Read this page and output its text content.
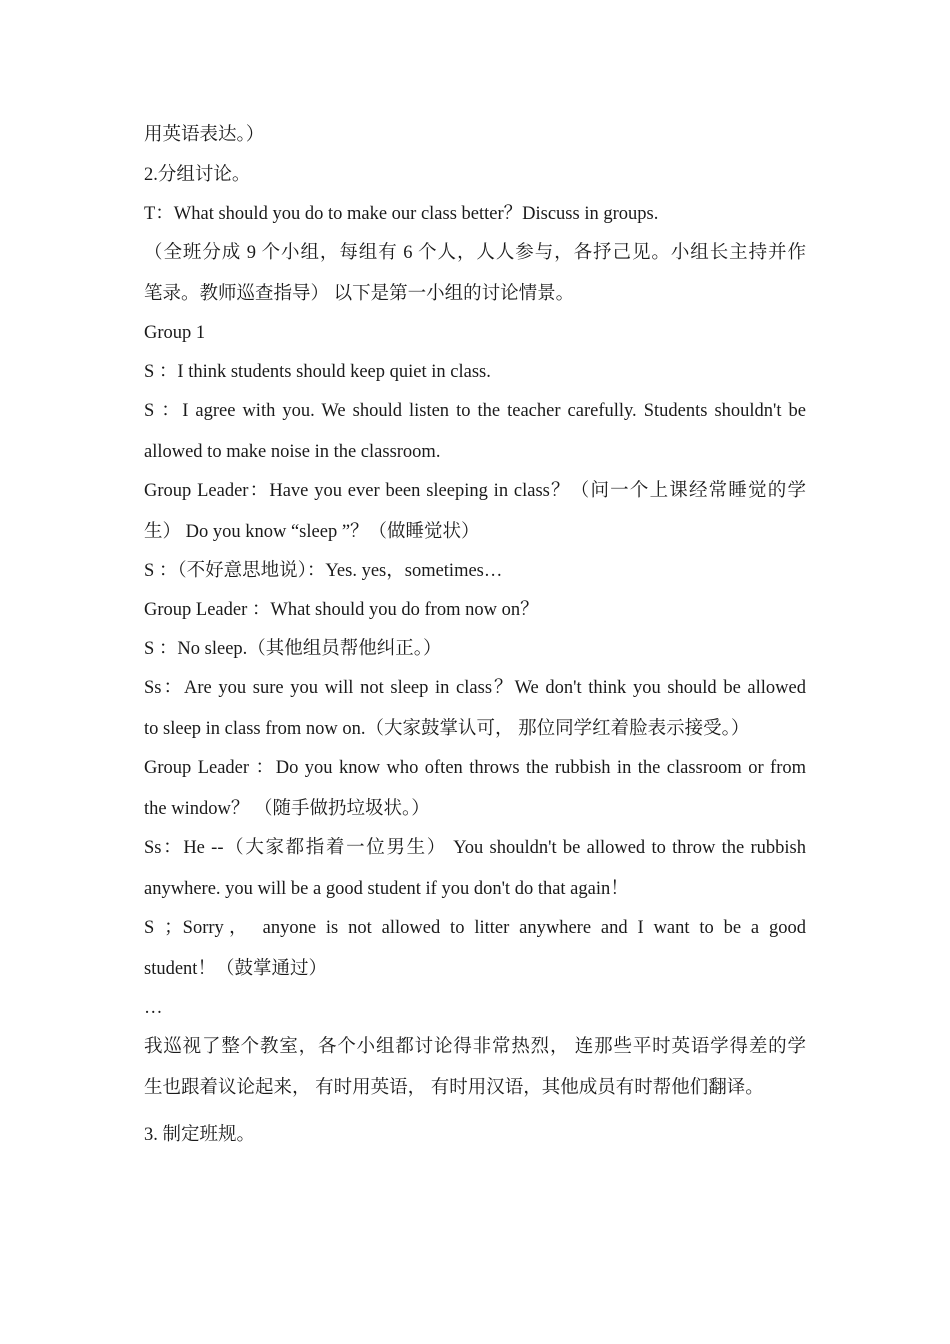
用英语表达。）

2.分组讨论。

T：What should you do to make our class better？Discuss in groups.

（全班分成 9 个小组，每组有 6 个人，人人参与，各抒己见。小组长主持并作

笔录。教师巡查指导） 以下是第一小组的讨论情景。

Group 1

S ：I think students should keep quiet in class.

S ：I agree with you. We should listen to the teacher carefully. Students shouldn't be

allowed to make noise in the classroom.

Group Leader：Have you ever been sleeping in class？（问一个上课经常睡觉的学

生） Do you know “sleep ”？（做睡觉状）

S ：（不好意思地说）：Yes. yes，sometimes…

Group Leader ：What should you do from now on？

S ：No sleep.（其他组员帮他纠正。）

Ss：Are you sure you will not sleep in class？We don't think you should be allowed

to sleep in class from now on.（大家鼓掌认可， 那位同学红着脸表示接受。）

Group Leader ：Do you know who often throws the rubbish in the classroom or from

the window？ （随手做扔垃圾状。）

Ss：He --（大家都指着一位男生） You shouldn't be allowed to throw the rubbish

anywhere. you will be a good student if you don't do that again！

S ；Sorry， anyone is not allowed to litter anywhere and I want to be a good

student！（鼓掌通过）

…

我巡视了整个教室，各个小组都讨论得非常热烈， 连那些平时英语学得差的学

生也跟着议论起来， 有时用英语， 有时用汉语，其他成员有时帮他们翻译。

3. 制定班规。
